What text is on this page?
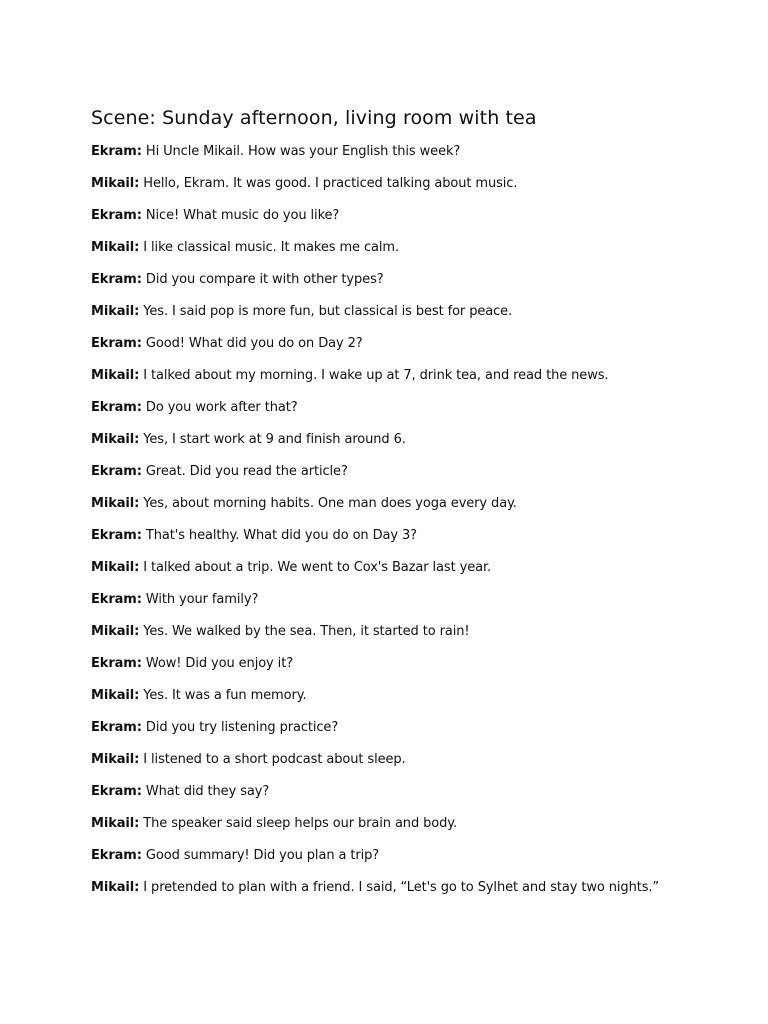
Scene: Sunday afternoon, living room with tea
Ekram: Hi Uncle Mikail. How was your English this week?
Mikail: Hello, Ekram. It was good. I practiced talking about music.
Ekram: Nice! What music do you like?
Mikail: I like classical music. It makes me calm.
Ekram: Did you compare it with other types?
Mikail: Yes. I said pop is more fun, but classical is best for peace.
Ekram: Good! What did you do on Day 2?
Mikail: I talked about my morning. I wake up at 7, drink tea, and read the news.
Ekram: Do you work after that?
Mikail: Yes, I start work at 9 and finish around 6.
Ekram: Great. Did you read the article?
Mikail: Yes, about morning habits. One man does yoga every day.
Ekram: That's healthy. What did you do on Day 3?
Mikail: I talked about a trip. We went to Cox's Bazar last year.
Ekram: With your family?
Mikail: Yes. We walked by the sea. Then, it started to rain!
Ekram: Wow! Did you enjoy it?
Mikail: Yes. It was a fun memory.
Ekram: Did you try listening practice?
Mikail: I listened to a short podcast about sleep.
Ekram: What did they say?
Mikail: The speaker said sleep helps our brain and body.
Ekram: Good summary! Did you plan a trip?
Mikail: I pretended to plan with a friend. I said, “Let's go to Sylhet and stay two nights.”
